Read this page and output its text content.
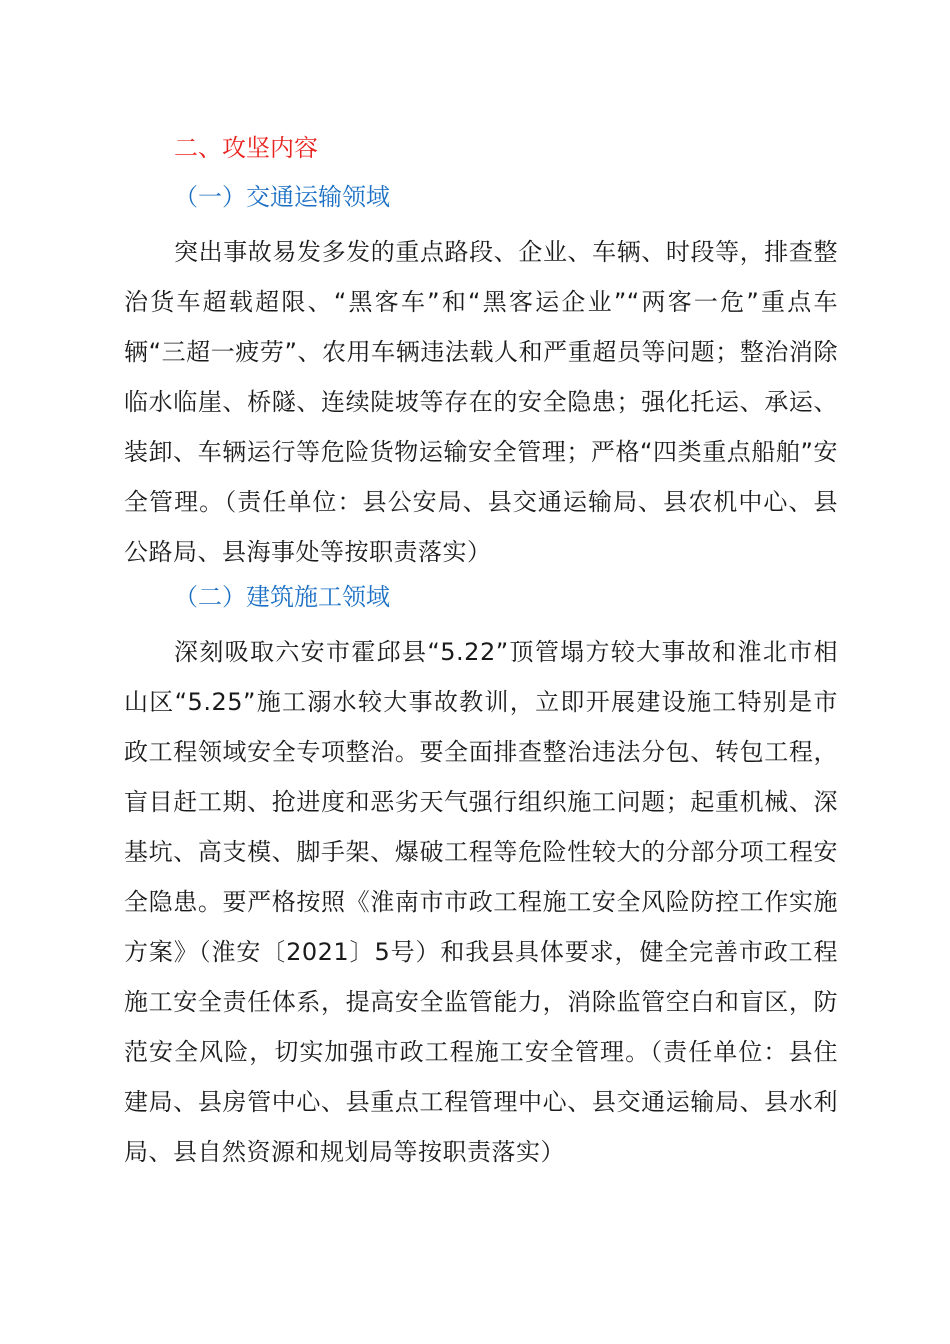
二、攻坚内容
（一）交通运输领域

突出事故易发多发的重点路段、企业、车辆、时段等，排查整治货车超载超限、“黑客车”和“黑客运企业”“两客一危”重点车辆“三超一疲劳”、农用车辆违法载人和严重超员等问题；整治消除临水临崖、桥隧、连续陡坡等存在的安全隐患；强化托运、承运、装卸、车辆运行等危险货物运输安全管理；严格“四类重点船舶”安全管理。（责任单位：县公安局、县交通运输局、县农机中心、县公路局、县海事处等按职责落实）

（二）建筑施工领域

深刻吸取六安市霍邱县“5.22”顶管塌方较大事故和淮北市相山区“5.25”施工溺水较大事故教训，立即开展建设施工特别是市政工程领域安全专项整治。要全面排查整治违法分包、转包工程，盲目赶工期、抢进度和恶劣天气强行组织施工问题；起重机械、深基坑、高支模、脚手架、爆破工程等危险性较大的分部分项工程安全隐患。要严格按照《淮南市市政工程施工安全风险防控工作实施方案》（淮安〔2021〕5号）和我县具体要求，健全完善市政工程施工安全责任体系，提高安全监管能力，消除监管空白和盲区，防范安全风险，切实加强市政工程施工安全管理。（责任单位：县住建局、县房管中心、县重点工程管理中心、县交通运输局、县水利局、县自然资源和规划局等按职责落实）
